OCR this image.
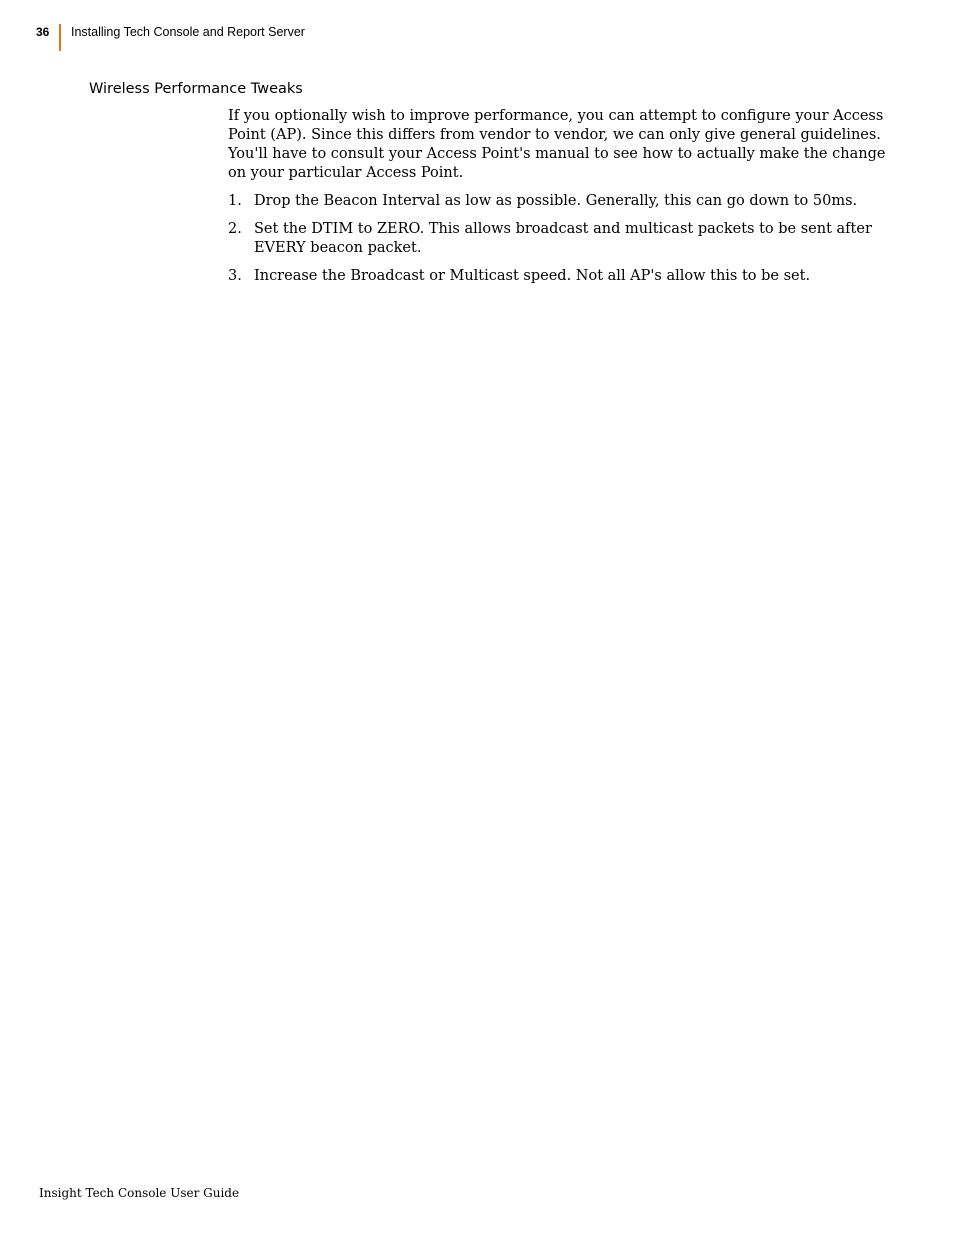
36 Installing Tech Console and Report Server
Wireless Performance Tweaks

If you optionally wish to improve performance, you can attempt to configure your Access Point (AP). Since this differs from vendor to vendor, we can only give general guidelines. You'll have to consult your Access Point's manual to see how to actually make the change on your particular Access Point.

1. Drop the Beacon Interval as low as possible. Generally, this can go down to 50ms.
2. Set the DTIM to ZERO. This allows broadcast and multicast packets to be sent after EVERY beacon packet.
3. Increase the Broadcast or Multicast speed. Not all AP's allow this to be set.
Insight Tech Console User Guide
